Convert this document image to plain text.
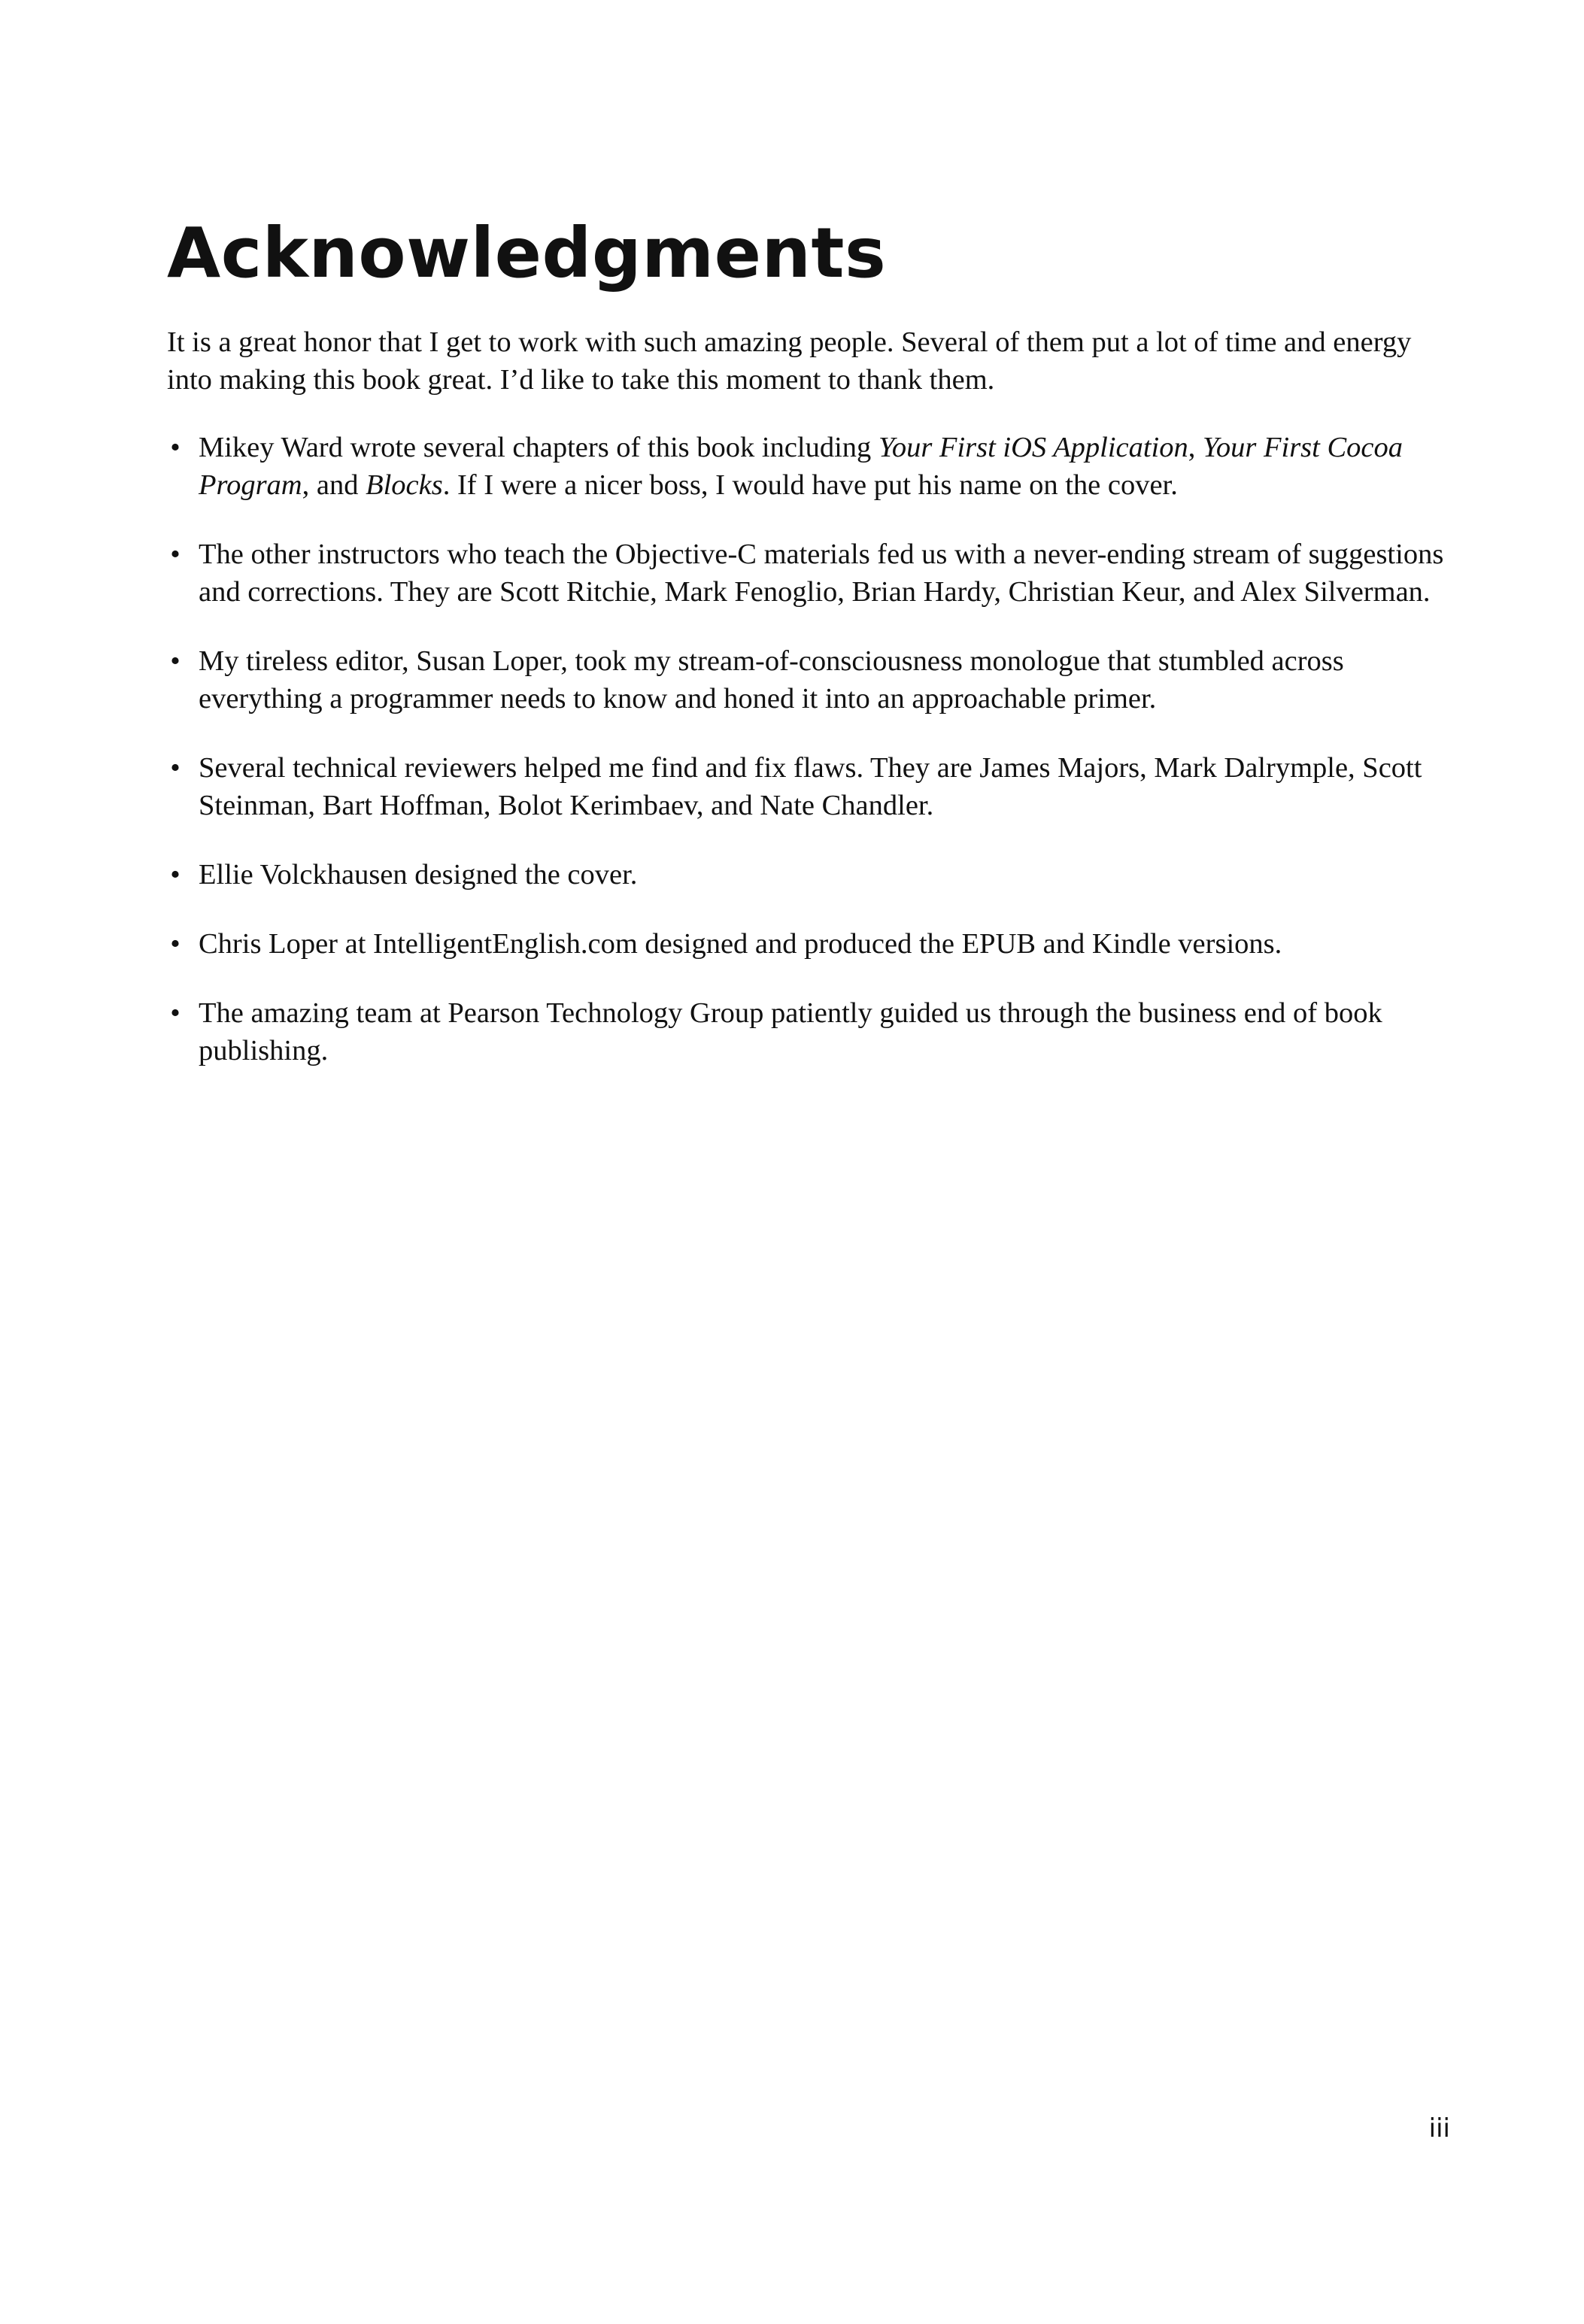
Acknowledgments

It is a great honor that I get to work with such amazing people. Several of them put a lot of time and energy into making this book great. I’d like to take this moment to thank them.

• Mikey Ward wrote several chapters of this book including Your First iOS Application, Your First Cocoa Program, and Blocks. If I were a nicer boss, I would have put his name on the cover.
• The other instructors who teach the Objective-C materials fed us with a never-ending stream of suggestions and corrections. They are Scott Ritchie, Mark Fenoglio, Brian Hardy, Christian Keur, and Alex Silverman.
• My tireless editor, Susan Loper, took my stream-of-consciousness monologue that stumbled across everything a programmer needs to know and honed it into an approachable primer.
• Several technical reviewers helped me find and fix flaws. They are James Majors, Mark Dalrymple, Scott Steinman, Bart Hoffman, Bolot Kerimbaev, and Nate Chandler.
• Ellie Volckhausen designed the cover.
• Chris Loper at IntelligentEnglish.com designed and produced the EPUB and Kindle versions.
• The amazing team at Pearson Technology Group patiently guided us through the business end of book publishing.
iii
